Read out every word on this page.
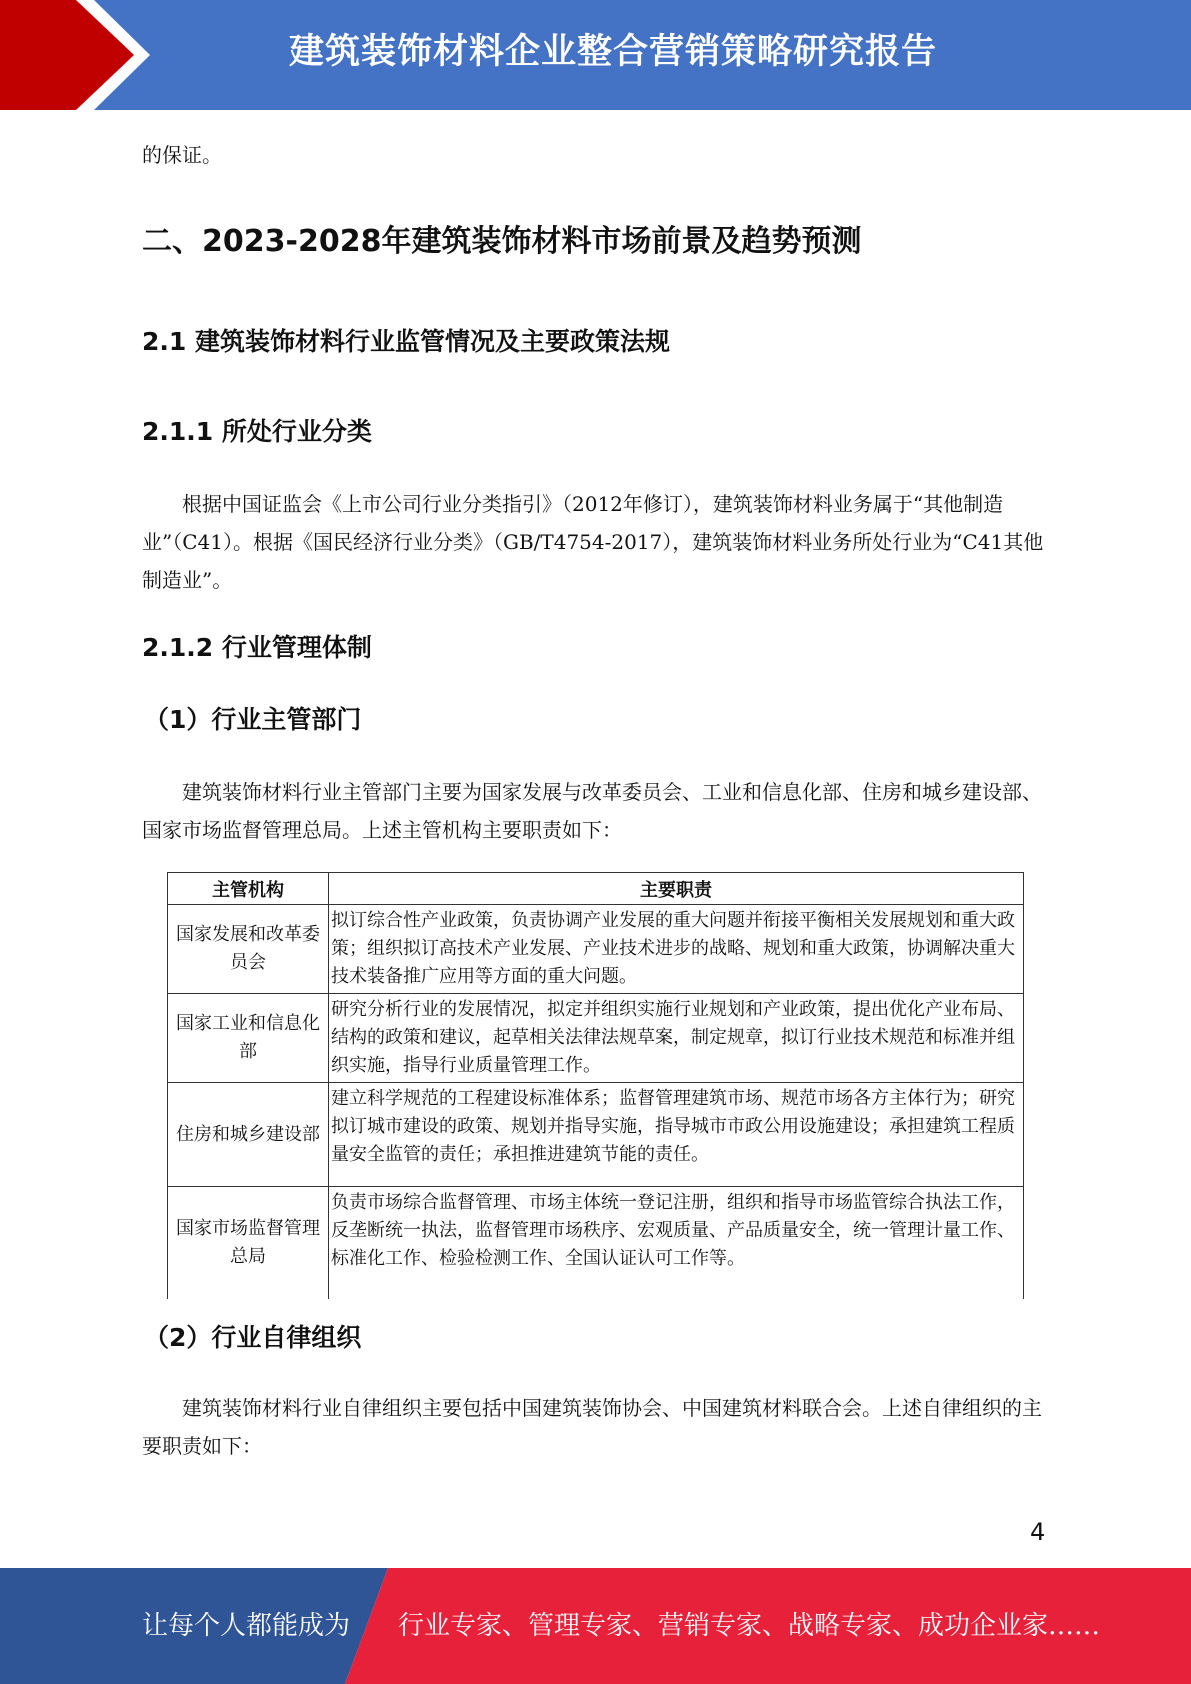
建筑装饰材料企业整合营销策略研究报告
的保证。
二、2023-2028年建筑装饰材料市场前景及趋势预测
2.1 建筑装饰材料行业监管情况及主要政策法规
2.1.1 所处行业分类
根据中国证监会《上市公司行业分类指引》（2012年修订），建筑装饰材料业务属于“其他制造业”（C41）。根据《国民经济行业分类》（GB/T4754-2017），建筑装饰材料业务所处行业为“C41其他制造业”。
2.1.2 行业管理体制
（1）行业主管部门
建筑装饰材料行业主管部门主要为国家发展与改革委员会、工业和信息化部、住房和城乡建设部、国家市场监督管理总局。上述主管机构主要职责如下：
主管机构	主要职责
国家发展和改革委员会	拟订综合性产业政策，负责协调产业发展的重大问题并衔接平衡相关发展规划和重大政策；组织拟订高技术产业发展、产业技术进步的战略、规划和重大政策，协调解决重大技术装备推广应用等方面的重大问题。
国家工业和信息化部	研究分析行业的发展情况，拟定并组织实施行业规划和产业政策，提出优化产业布局、结构的政策和建议，起草相关法律法规草案，制定规章，拟订行业技术规范和标准并组织实施，指导行业质量管理工作。
住房和城乡建设部	建立科学规范的工程建设标准体系；监督管理建筑市场、规范市场各方主体行为；研究拟订城市建设的政策、规划并指导实施，指导城市市政公用设施建设；承担建筑工程质量安全监管的责任；承担推进建筑节能的责任。
国家市场监督管理总局	负责市场综合监督管理、市场主体统一登记注册，组织和指导市场监管综合执法工作，反垄断统一执法，监督管理市场秩序、宏观质量、产品质量安全，统一管理计量工作、标准化工作、检验检测工作、全国认证认可工作等。
（2）行业自律组织
建筑装饰材料行业自律组织主要包括中国建筑装饰协会、中国建筑材料联合会。上述自律组织的主要职责如下：
4
让每个人都能成为 行业专家、管理专家、营销专家、战略专家、成功企业家……
